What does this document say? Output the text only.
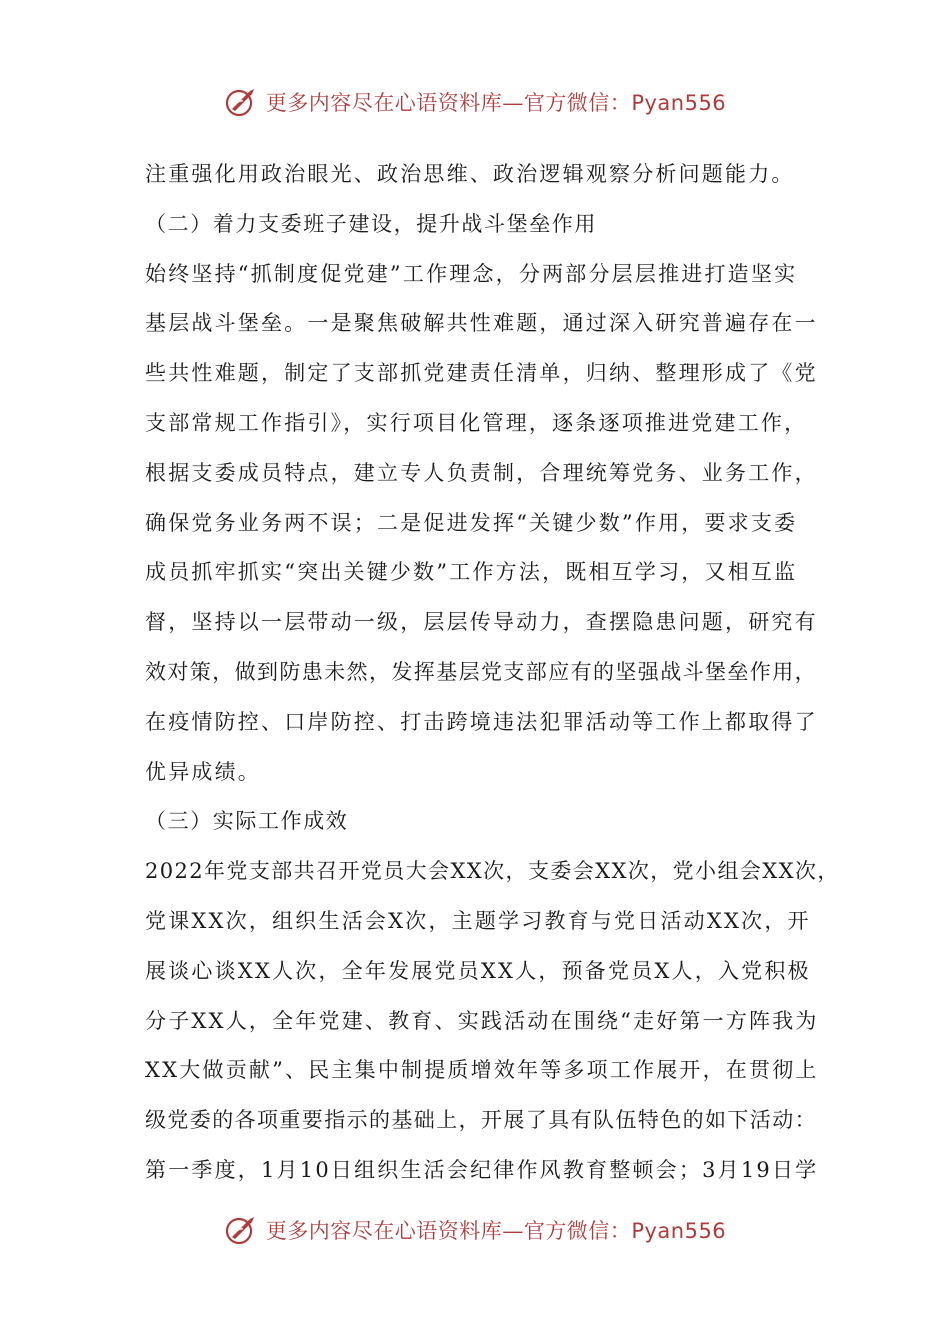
更多内容尽在心语资料库—官方微信：Pyan556
注重强化用政治眼光、政治思维、政治逻辑观察分析问题能力。
（二）着力支委班子建设，提升战斗堡垒作用
始终坚持“抓制度促党建”工作理念，分两部分层层推进打造坚实
基层战斗堡垒。一是聚焦破解共性难题，通过深入研究普遍存在一
些共性难题，制定了支部抓党建责任清单，归纳、整理形成了《党
支部常规工作指引》，实行项目化管理，逐条逐项推进党建工作，
根据支委成员特点，建立专人负责制，合理统筹党务、业务工作，
确保党务业务两不误；二是促进发挥“关键少数”作用，要求支委
成员抓牢抓实“突出关键少数”工作方法，既相互学习，又相互监
督，坚持以一层带动一级，层层传导动力，查摆隐患问题，研究有
效对策，做到防患未然，发挥基层党支部应有的坚强战斗堡垒作用，
在疫情防控、口岸防控、打击跨境违法犯罪活动等工作上都取得了
优异成绩。
（三）实际工作成效
2022年党支部共召开党员大会XX次，支委会XX次，党小组会XX次，
党课XX次，组织生活会X次，主题学习教育与党日活动XX次，开
展谈心谈XX人次，全年发展党员XX人，预备党员X人，入党积极
分子XX人，全年党建、教育、实践活动在围绕“走好第一方阵我为
XX大做贡献”、民主集中制提质增效年等多项工作展开，在贯彻上
级党委的各项重要指示的基础上，开展了具有队伍特色的如下活动：
第一季度，1月10日组织生活会纪律作风教育整顿会；3月19日学
更多内容尽在心语资料库—官方微信：Pyan556
